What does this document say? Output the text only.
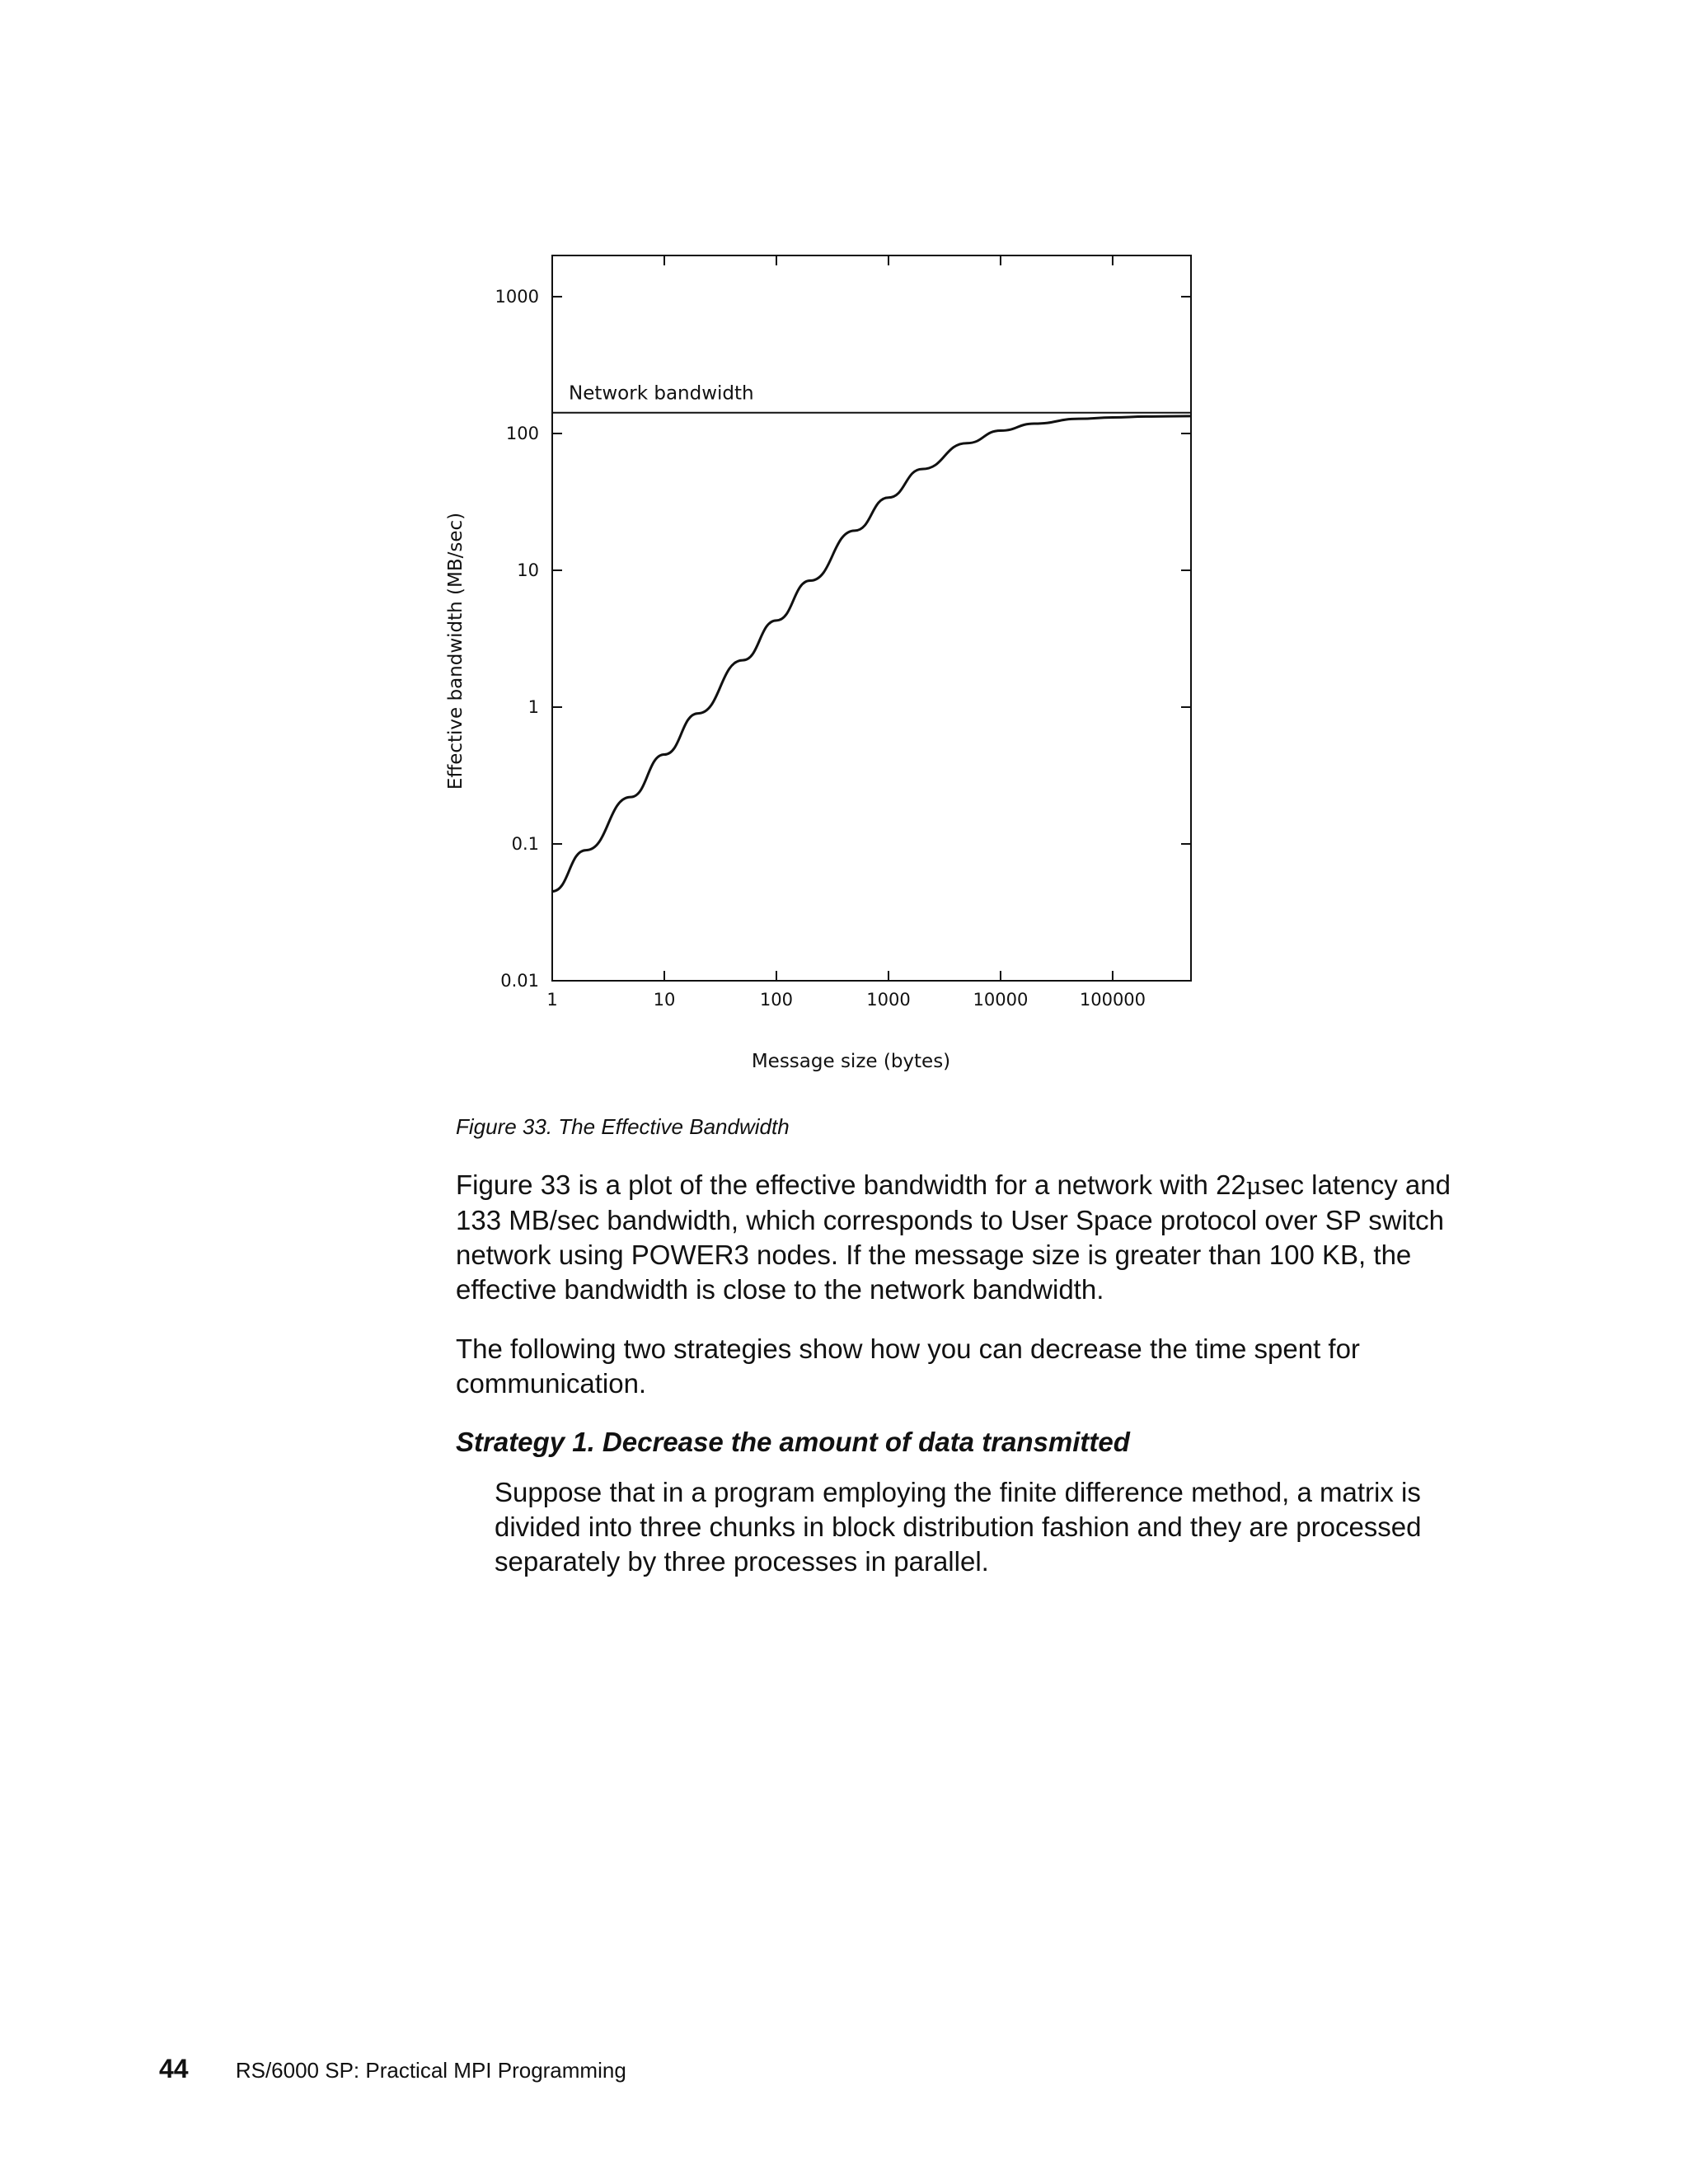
1	10	100	1000	10000	100000
0.01
0.1
1
10
100
1000
Network bandwidth
Message size (bytes)
Effective bandwidth (MB/sec)
Figure 33. The Effective Bandwidth

Figure 33 is a plot of the effective bandwidth for a network with 22μsec latency and 133 MB/sec bandwidth, which corresponds to User Space protocol over SP switch network using POWER3 nodes. If the message size is greater than 100 KB, the effective bandwidth is close to the network bandwidth.

The following two strategies show how you can decrease the time spent for communication.

Strategy 1. Decrease the amount of data transmitted

Suppose that in a program employing the finite difference method, a matrix is divided into three chunks in block distribution fashion and they are processed separately by three processes in parallel.

44 RS/6000 SP: Practical MPI Programming
